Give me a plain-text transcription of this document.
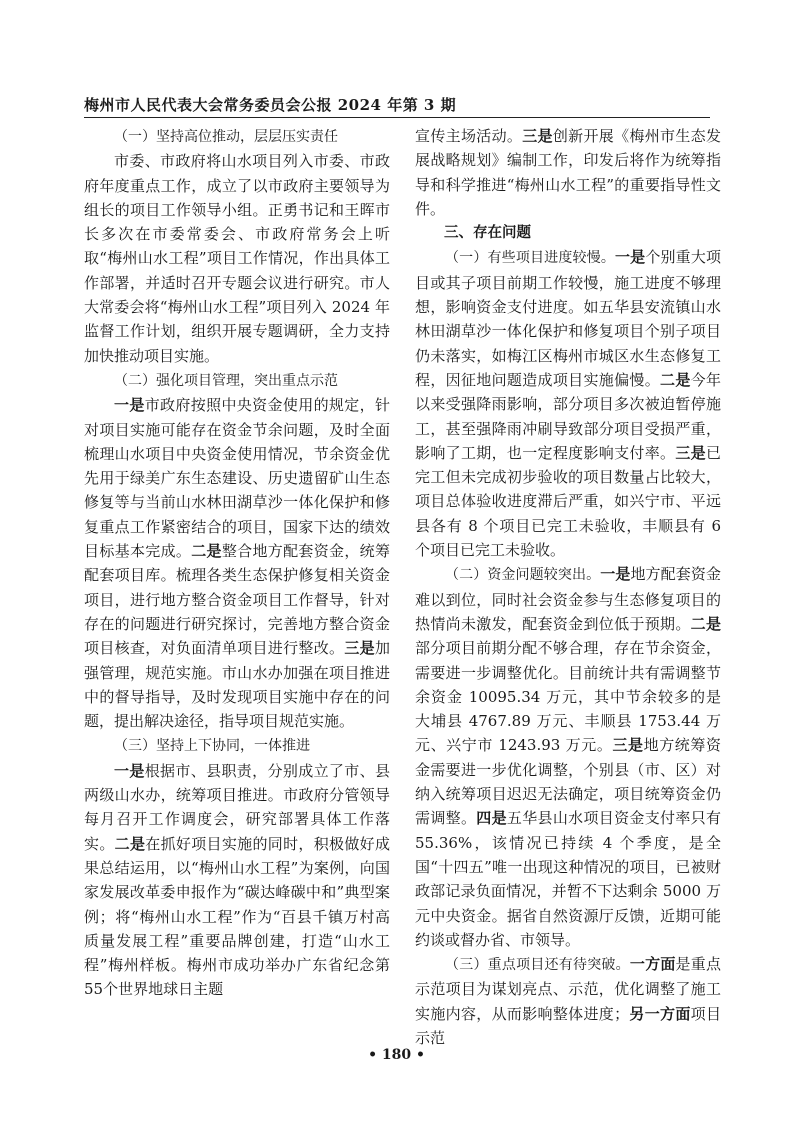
梅州市人民代表大会常务委员会公报 2024 年第 3 期

（一）坚持高位推动，层层压实责任

市委、市政府将山水项目列入市委、市政府年度重点工作，成立了以市政府主要领导为组长的项目工作领导小组。正勇书记和王晖市长多次在市委常委会、市政府常务会上听取“梅州山水工程”项目工作情况，作出具体工作部署，并适时召开专题会议进行研究。市人大常委会将“梅州山水工程”项目列入 2024 年监督工作计划，组织开展专题调研，全力支持加快推动项目实施。

（二）强化项目管理，突出重点示范

一是市政府按照中央资金使用的规定，针对项目实施可能存在资金节余问题，及时全面梳理山水项目中央资金使用情况，节余资金优先用于绿美广东生态建设、历史遗留矿山生态修复等与当前山水林田湖草沙一体化保护和修复重点工作紧密结合的项目，国家下达的绩效目标基本完成。二是整合地方配套资金，统筹配套项目库。梳理各类生态保护修复相关资金项目，进行地方整合资金项目工作督导，针对存在的问题进行研究探讨，完善地方整合资金项目核查，对负面清单项目进行整改。三是加强管理，规范实施。市山水办加强在项目推进中的督导指导，及时发现项目实施中存在的问题，提出解决途径，指导项目规范实施。

（三）坚持上下协同，一体推进

一是根据市、县职责，分别成立了市、县两级山水办，统筹项目推进。市政府分管领导每月召开工作调度会，研究部署具体工作落实。二是在抓好项目实施的同时，积极做好成果总结运用，以“梅州山水工程”为案例，向国家发展改革委申报作为“碳达峰碳中和”典型案例；将“梅州山水工程”作为“百县千镇万村高质量发展工程”重要品牌创建，打造“山水工程”梅州样板。梅州市成功举办广东省纪念第55个世界地球日主题

宣传主场活动。三是创新开展《梅州市生态发展战略规划》编制工作，印发后将作为统筹指导和科学推进“梅州山水工程”的重要指导性文件。

三、存在问题

（一）有些项目进度较慢。一是个别重大项目或其子项目前期工作较慢，施工进度不够理想，影响资金支付进度。如五华县安流镇山水林田湖草沙一体化保护和修复项目个别子项目仍未落实，如梅江区梅州市城区水生态修复工程，因征地问题造成项目实施偏慢。二是今年以来受强降雨影响，部分项目多次被迫暂停施工，甚至强降雨冲刷导致部分项目受损严重，影响了工期，也一定程度影响支付率。三是已完工但未完成初步验收的项目数量占比较大，项目总体验收进度滞后严重，如兴宁市、平远县各有 8 个项目已完工未验收，丰顺县有 6 个项目已完工未验收。

（二）资金问题较突出。一是地方配套资金难以到位，同时社会资金参与生态修复项目的热情尚未激发，配套资金到位低于预期。二是部分项目前期分配不够合理，存在节余资金，需要进一步调整优化。目前统计共有需调整节余资金 10095.34 万元，其中节余较多的是大埔县 4767.89 万元、丰顺县 1753.44 万元、兴宁市 1243.93 万元。三是地方统筹资金需要进一步优化调整，个别县（市、区）对纳入统筹项目迟迟无法确定，项目统筹资金仍需调整。四是五华县山水项目资金支付率只有 55.36%，该情况已持续 4 个季度，是全国“十四五”唯一出现这种情况的项目，已被财政部记录负面情况，并暂不下达剩余 5000 万元中央资金。据省自然资源厅反馈，近期可能约谈或督办省、市领导。

（三）重点项目还有待突破。一方面是重点示范项目为谋划亮点、示范，优化调整了施工实施内容，从而影响整体进度；另一方面项目示范

• 180 •
